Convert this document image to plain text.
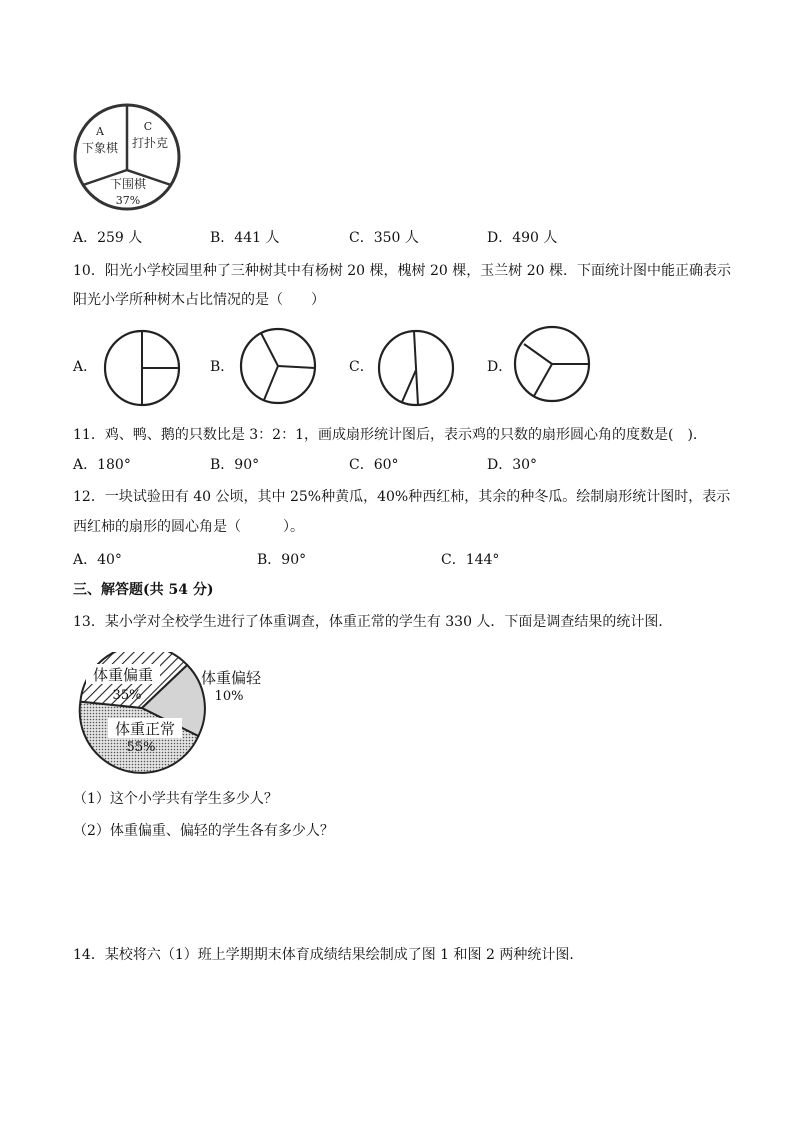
A
下象棋
C
打扑克
下围棋
37%
A．259 人	B．441 人	C．350 人	D．490 人
10．阳光小学校园里种了三种树其中有杨树 20 棵，槐树 20 棵，玉兰树 20 棵．下面统计图中能正确表示
阳光小学所种树木占比情况的是（　　）
A．	B．	C．	D．
11．鸡、鸭、鹅的只数比是 3：2：1，画成扇形统计图后，表示鸡的只数的扇形圆心角的度数是(　).
A．180°	B．90°	C．60°	D．30°
12．一块试验田有 40 公顷，其中 25%种黄瓜，40%种西红柿，其余的种冬瓜。绘制扇形统计图时，表示
西红柿的扇形的圆心角是（　　　）。
A．40°	B．90°	C．144°
三、解答题(共 54 分)
13．某小学对全校学生进行了体重调查，体重正常的学生有 330 人．下面是调查结果的统计图．
体重偏重
35%
体重偏轻
10%
体重正常
55%
（1）这个小学共有学生多少人？
（2）体重偏重、偏轻的学生各有多少人？
14．某校将六（1）班上学期期末体育成绩结果绘制成了图 1 和图 2 两种统计图．
